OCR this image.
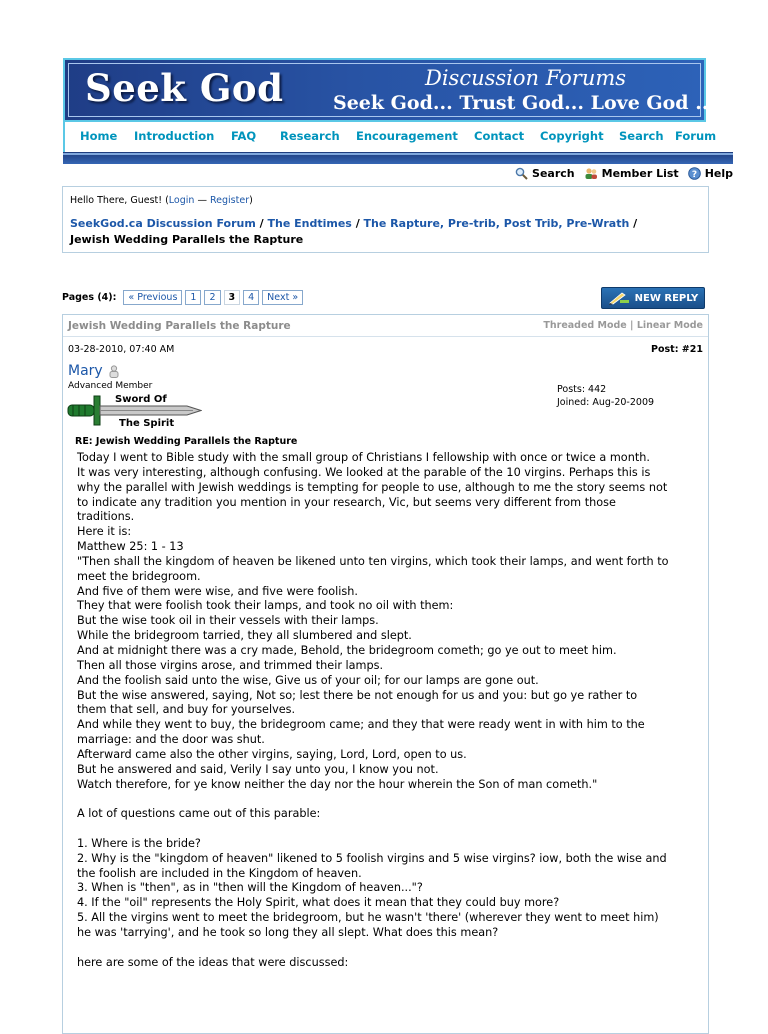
Seek God	Discussion Forums
Seek God... Trust God... Love God ...
Home Introduction FAQ Research Encouragement Contact Copyright Search Forum
Search Member List ? Help
Hello There, Guest! (Login — Register)
SeekGod.ca Discussion Forum / The Endtimes / The Rapture, Pre-trib, Post Trib, Pre-Wrath /
Jewish Wedding Parallels the Rapture
Pages (4):	« Previous	1	2	3	4	Next »	NEW REPLY
Jewish Wedding Parallels the Rapture	Threaded Mode | Linear Mode
03-28-2010, 07:40 AM	Post: #21
Mary
Advanced Member
Sword Of
The Spirit
Posts: 442
Joined: Aug-20-2009
RE: Jewish Wedding Parallels the Rapture
Today I went to Bible study with the small group of Christians I fellowship with once or twice a month.
It was very interesting, although confusing. We looked at the parable of the 10 virgins. Perhaps this is
why the parallel with Jewish weddings is tempting for people to use, although to me the story seems not
to indicate any tradition you mention in your research, Vic, but seems very different from those
traditions.
Here it is:
Matthew 25: 1 - 13
"Then shall the kingdom of heaven be likened unto ten virgins, which took their lamps, and went forth to
meet the bridegroom.
And five of them were wise, and five were foolish.
They that were foolish took their lamps, and took no oil with them:
But the wise took oil in their vessels with their lamps.
While the bridegroom tarried, they all slumbered and slept.
And at midnight there was a cry made, Behold, the bridegroom cometh; go ye out to meet him.
Then all those virgins arose, and trimmed their lamps.
And the foolish said unto the wise, Give us of your oil; for our lamps are gone out.
But the wise answered, saying, Not so; lest there be not enough for us and you: but go ye rather to
them that sell, and buy for yourselves.
And while they went to buy, the bridegroom came; and they that were ready went in with him to the
marriage: and the door was shut.
Afterward came also the other virgins, saying, Lord, Lord, open to us.
But he answered and said, Verily I say unto you, I know you not.
Watch therefore, for ye know neither the day nor the hour wherein the Son of man cometh."
A lot of questions came out of this parable:
1. Where is the bride?
2. Why is the "kingdom of heaven" likened to 5 foolish virgins and 5 wise virgins? iow, both the wise and
the foolish are included in the Kingdom of heaven.
3. When is "then", as in "then will the Kingdom of heaven..."?
4. If the "oil" represents the Holy Spirit, what does it mean that they could buy more?
5. All the virgins went to meet the bridegroom, but he wasn't 'there' (wherever they went to meet him)
he was 'tarrying', and he took so long they all slept. What does this mean?
here are some of the ideas that were discussed:
